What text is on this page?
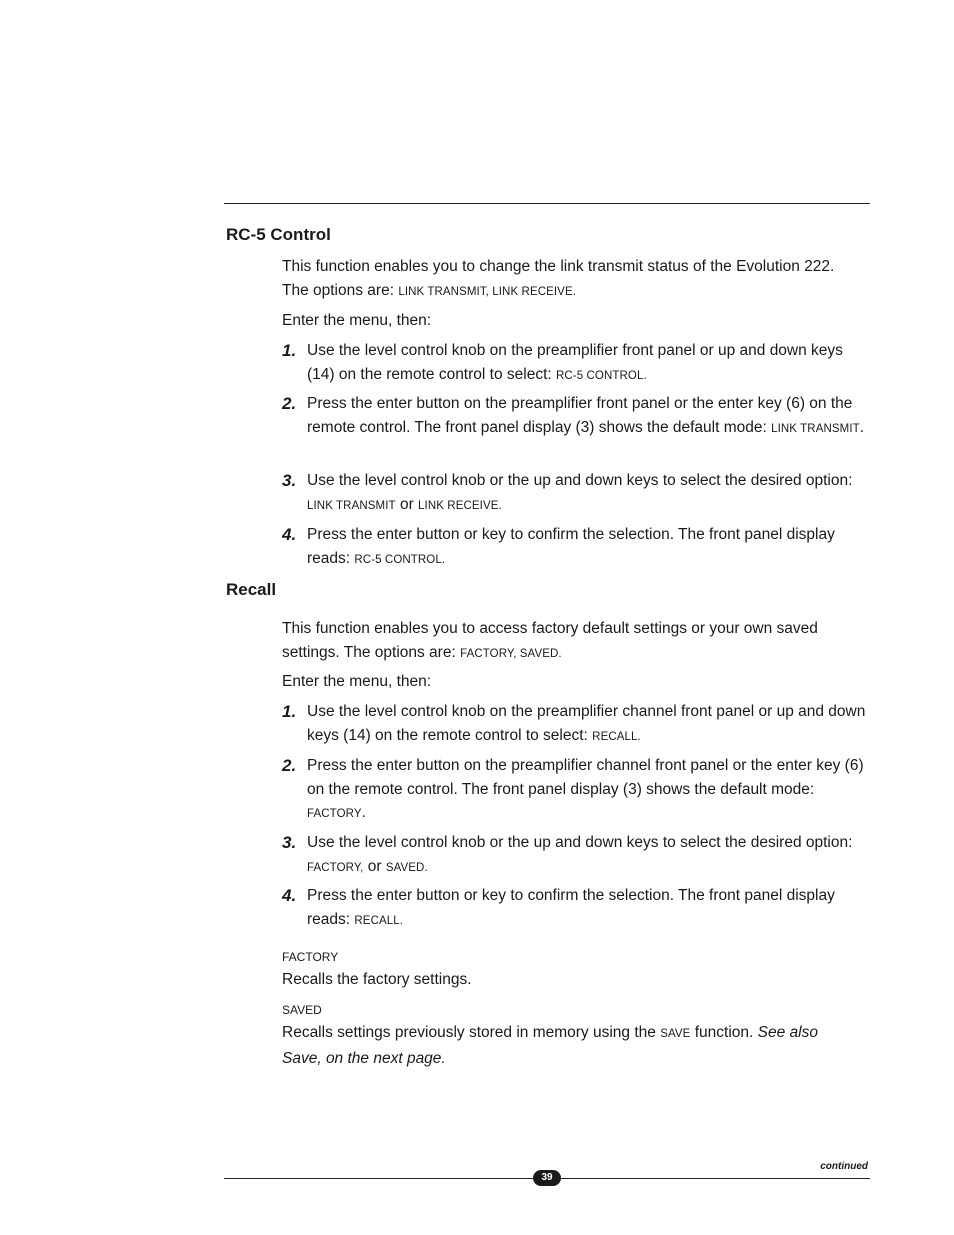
RC-5 Control

This function enables you to change the link transmit status of the Evolution 222.
The options are: LINK TRANSMIT, LINK RECEIVE.

Enter the menu, then:

1. Use the level control knob on the preamplifier front panel or up and down keys (14) on the remote control to select: RC-5 CONTROL.
2. Press the enter button on the preamplifier front panel or the enter key (6) on the remote control. The front panel display (3) shows the default mode: LINK TRANSMIT.
3. Use the level control knob or the up and down keys to select the desired option: LINK TRANSMIT or LINK RECEIVE.
4. Press the enter button or key to confirm the selection. The front panel display reads: RC-5 CONTROL.
Recall

This function enables you to access factory default settings or your own saved
settings. The options are: FACTORY, SAVED.

Enter the menu, then:

1. Use the level control knob on the preamplifier channel front panel or up and down keys (14) on the remote control to select: RECALL.
2. Press the enter button on the preamplifier channel front panel or the enter key (6) on the remote control. The front panel display (3) shows the default mode: FACTORY.
3. Use the level control knob or the up and down keys to select the desired option: FACTORY, or SAVED.
4. Press the enter button or key to confirm the selection. The front panel display reads: RECALL.
FACTORY

Recalls the factory settings.

SAVED

Recalls settings previously stored in memory using the SAVE function. See also Save, on the next page.

continued
39
